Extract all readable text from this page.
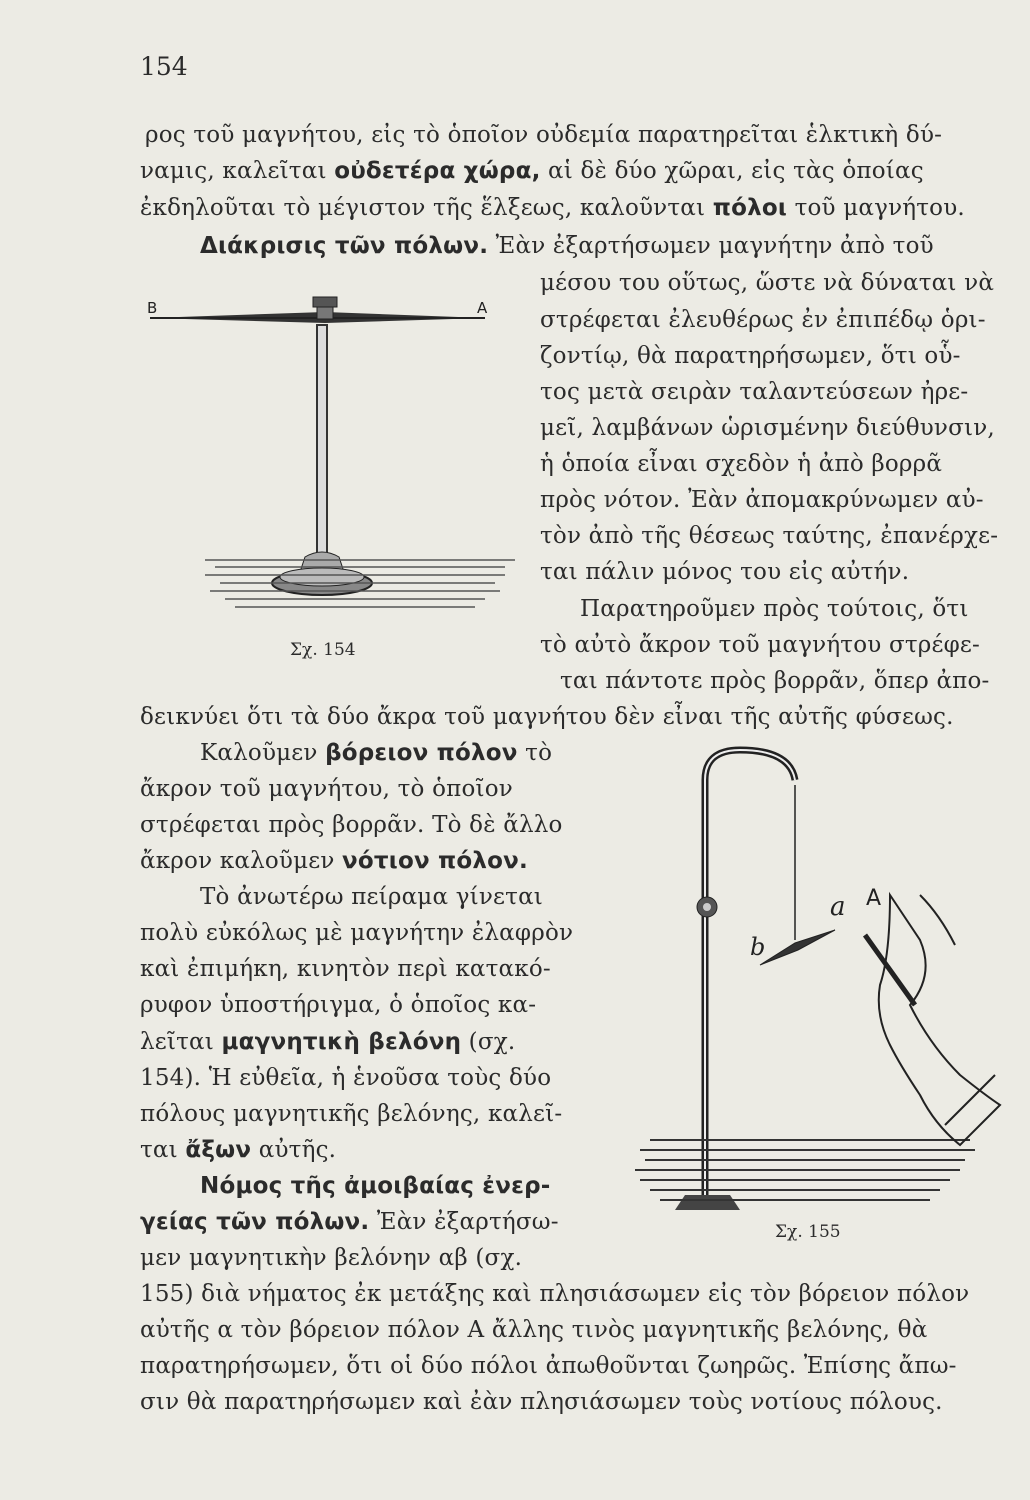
154
ρος τοῦ μαγνήτου, εἰς τὸ ὁποῖον οὐδεμία παρατηρεῖται ἑλκτικὴ δύ-
ναμις, καλεῖται οὐδετέρα χώρα, αἱ δὲ δύο χῶραι, εἰς τὰς ὁποίας
ἐκδηλοῦται τὸ μέγιστον τῆς ἕλξεως, καλοῦνται πόλοι τοῦ μαγνήτου.
Διάκρισις τῶν πόλων. Ἐὰν ἐξαρτήσωμεν μαγνήτην ἀπὸ τοῦ
μέσου του οὕτως, ὥστε νὰ δύναται νὰ
στρέφεται ἐλευθέρως ἐν ἐπιπέδῳ ὁρι-
ζοντίῳ, θὰ παρατηρήσωμεν, ὅτι οὗ-
τος μετὰ σειρὰν ταλαντεύσεων ἠρε-
μεῖ, λαμβάνων ὡρισμένην διεύθυνσιν,
ἡ ὁποία εἶναι σχεδὸν ἡ ἀπὸ βορρᾶ
πρὸς νότον. Ἐὰν ἀπομακρύνωμεν αὐ-
τὸν ἀπὸ τῆς θέσεως ταύτης, ἐπανέρχε-
ται πάλιν μόνος του εἰς αὐτήν.
Παρατηροῦμεν πρὸς τούτοις, ὅτι
τὸ αὐτὸ ἄκρον τοῦ μαγνήτου στρέφε-
ται πάντοτε πρὸς βορρᾶν, ὅπερ ἀπο-
δεικνύει ὅτι τὰ δύο ἄκρα τοῦ μαγνήτου δὲν εἶναι τῆς αὐτῆς φύσεως.
Καλοῦμεν βόρειον πόλον τὸ
ἄκρον τοῦ μαγνήτου, τὸ ὁποῖον
στρέφεται πρὸς βορρᾶν. Τὸ δὲ ἄλλο
ἄκρον καλοῦμεν νότιον πόλον.
Τὸ ἀνωτέρω πείραμα γίνεται
πολὺ εὐκόλως μὲ μαγνήτην ἐλαφρὸν
καὶ ἐπιμήκη, κινητὸν περὶ κατακό-
ρυφον ὑποστήριγμα, ὁ ὁποῖος κα-
λεῖται μαγνητικὴ βελόνη (σχ.
154). Ἡ εὐθεῖα, ἡ ἑνοῦσα τοὺς δύο
πόλους μαγνητικῆς βελόνης, καλεῖ-
ται ἄξων αὐτῆς.
Νόμος τῆς ἀμοιβαίας ἐνερ-
γείας τῶν πόλων. Ἐὰν ἐξαρτήσω-
μεν μαγνητικὴν βελόνην αβ (σχ.
155) διὰ νήματος ἐκ μετάξης καὶ πλησιάσωμεν εἰς τὸν βόρειον πόλον
αὐτῆς α τὸν βόρειον πόλον Α ἄλλης τινὸς μαγνητικῆς βελόνης, θὰ
παρατηρήσωμεν, ὅτι οἱ δύο πόλοι ἀπωθοῦνται ζωηρῶς. Ἐπίσης ἄπω-
σιν θὰ παρατηρήσωμεν καὶ ἐὰν πλησιάσωμεν τοὺς νοτίους πόλους.
B	A
Σχ. 154
a A
b
Σχ. 155
